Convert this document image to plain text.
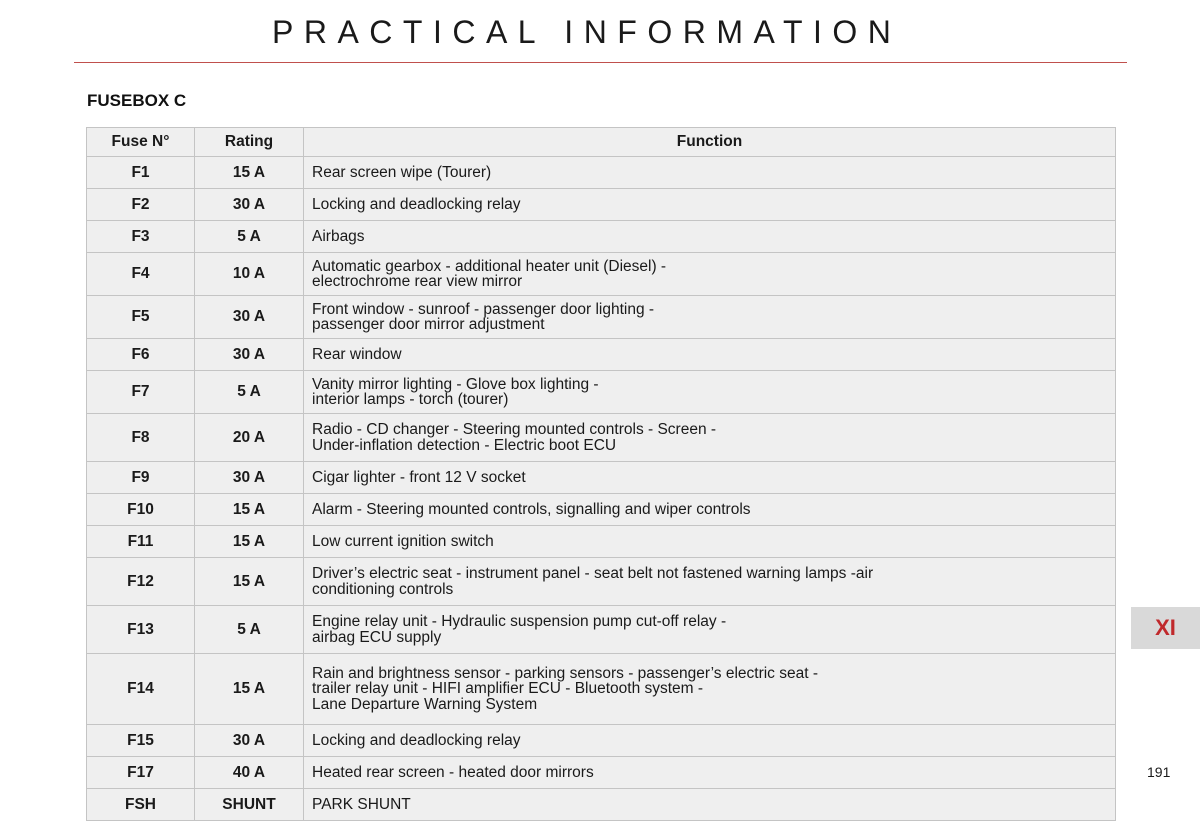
PRACTICAL INFORMATION
FUSEBOX C
Fuse N°	Rating	Function
F1	15 A	Rear screen wipe (Tourer)

F2	30 A	Locking and deadlocking relay

F3	5 A	Airbags

F4	10 A	Automatic gearbox - additional heater unit (Diesel) -
electrochrome rear view mirror

F5	30 A	Front window - sunroof - passenger door lighting -
passenger door mirror adjustment

F6	30 A	Rear window

F7	5 A	Vanity mirror lighting - Glove box lighting -
interior lamps - torch (tourer)

F8	20 A	Radio - CD changer - Steering mounted controls - Screen -
Under-inflation detection - Electric boot ECU

F9	30 A	Cigar lighter - front 12 V socket

F10	15 A	Alarm - Steering mounted controls, signalling and wiper controls

F11	15 A	Low current ignition switch

F12	15 A	Driver’s electric seat - instrument panel - seat belt not fastened warning lamps -air
conditioning controls

F13	5 A	Engine relay unit - Hydraulic suspension pump cut-off relay -
airbag ECU supply

F14	15 A	Rain and brightness sensor - parking sensors - passenger’s electric seat -
trailer relay unit - HIFI amplifier ECU - Bluetooth system -
Lane Departure Warning System

F15	30 A	Locking and deadlocking relay

F17	40 A	Heated rear screen - heated door mirrors

FSH	SHUNT	PARK SHUNT
XI
191
